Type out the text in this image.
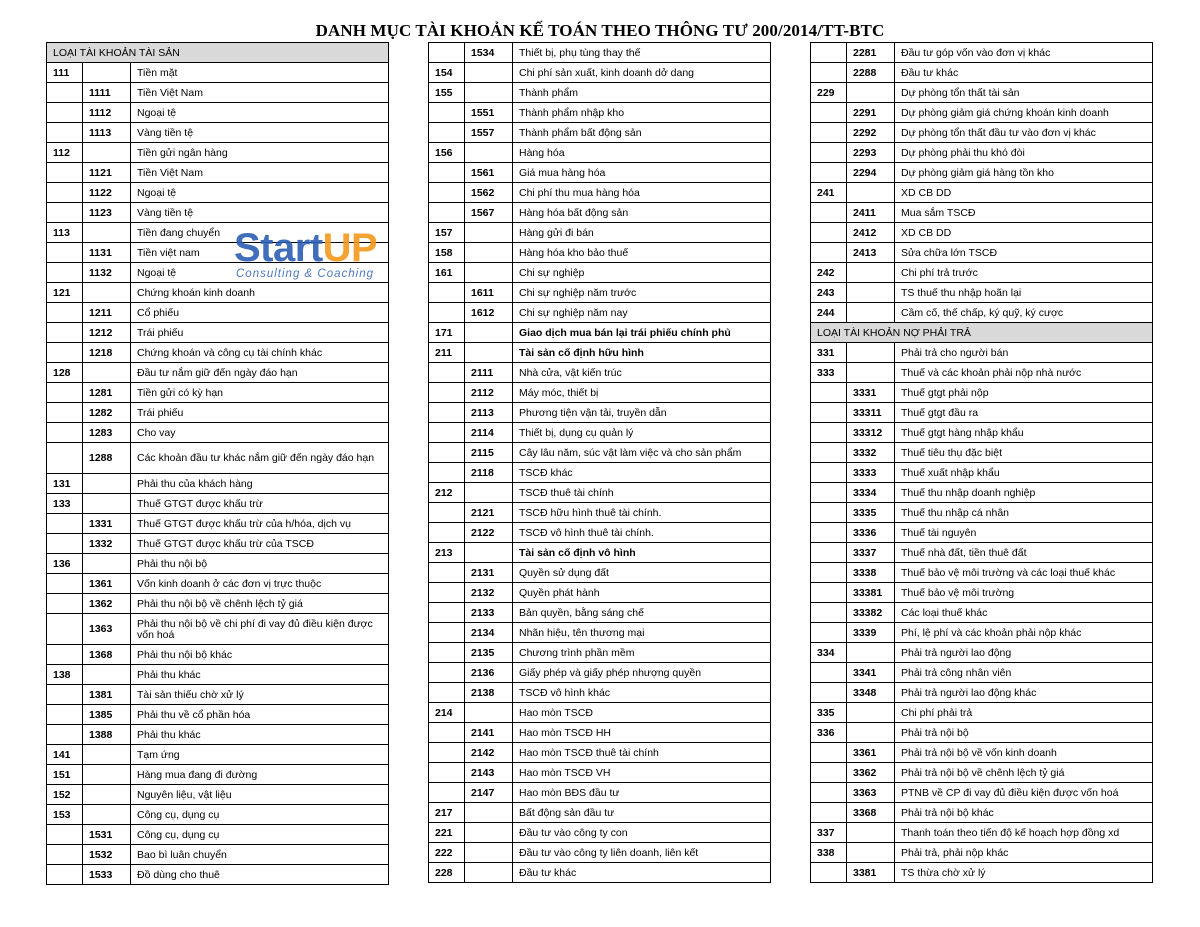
DANH MỤC TÀI KHOẢN KẾ TOÁN THEO THÔNG TƯ 200/2014/TT-BTC
LOẠI TÀI KHOẢN TÀI SẢN		
111		Tiền mặt
	1111	Tiền Việt Nam
	1112	Ngoại tệ
	1113	Vàng tiền tệ
112		Tiền gửi ngân hàng
	1121	Tiền Việt Nam
	1122	Ngoại tệ
	1123	Vàng tiền tệ
113		Tiền đang chuyển
	1131	Tiền việt nam
	1132	Ngoại tệ
121		Chứng khoán kinh doanh
	1211	Cổ phiếu
	1212	Trái phiếu
	1218	Chứng khoán và công cụ tài chính khác
128		Đầu tư nắm giữ đến ngày đáo hạn
	1281	Tiền gửi có kỳ hạn
	1282	Trái phiếu
	1283	Cho vay
	1288	Các khoản đầu tư khác nắm giữ đến ngày đáo hạn
131		Phải thu của khách hàng
133		Thuế GTGT được khấu trừ
	1331	Thuế GTGT được khấu trừ của h/hóa, dịch vụ
	1332	Thuế GTGT được khấu trừ của TSCĐ
136		Phải thu nội bộ
	1361	Vốn kinh doanh ở các đơn vị trực thuộc
	1362	Phải thu nội bộ về chênh lệch tỷ giá
	1363	Phải thu nội bộ về chi phí đi vay đủ điều kiện được vốn hoá
	1368	Phải thu nội bộ khác
138		Phải thu khác
	1381	Tài sản thiếu chờ xử lý
	1385	Phải thu về cổ phần hóa
	1388	Phải thu khác
141		Tạm ứng
151		Hàng mua đang đi đường
152		Nguyên liệu, vật liệu
153		Công cụ, dụng cụ
	1531	Công cụ, dụng cụ
	1532	Bao bì luân chuyển
	1533	Đồ dùng cho thuê
	1534	Thiết bị, phụ tùng thay thế
154		Chi phí sản xuất, kinh doanh dở dang
155		Thành phẩm
	1551	Thành phẩm nhập kho
	1557	Thành phẩm bất động sản
156		Hàng hóa
	1561	Giá mua hàng hóa
	1562	Chi phí thu mua hàng hóa
	1567	Hàng hóa bất động sản
157		Hàng gửi đi bán
158		Hàng hóa kho bảo thuế
161		Chi sự nghiệp
	1611	Chi sự nghiệp năm trước
	1612	Chi sự nghiệp năm nay
171		Giao dịch mua bán lại trái phiếu chính phủ
211		Tài sản cố định hữu hình
	2111	Nhà cửa, vật kiến trúc
	2112	Máy móc, thiết bị
	2113	Phương tiện vận tải, truyền dẫn
	2114	Thiết bị, dụng cụ quản lý
	2115	Cây lâu năm, súc vật làm việc và cho sản phẩm
	2118	TSCĐ khác
212		TSCĐ thuê tài chính
	2121	TSCĐ hữu hình thuê tài chính.
	2122	TSCĐ vô hình thuê tài chính.
213		Tài sản cố định vô hình
	2131	Quyền sử dụng đất
	2132	Quyền phát hành
	2133	Bản quyền, bằng sáng chế
	2134	Nhãn hiệu, tên thương mại
	2135	Chương trình phần mềm
	2136	Giấy phép và giấy phép nhượng quyền
	2138	TSCĐ vô hình khác
214		Hao mòn TSCĐ
	2141	Hao mòn TSCĐ HH
	2142	Hao mòn TSCĐ thuê tài chính
	2143	Hao mòn TSCĐ VH
	2147	Hao mòn BĐS đầu tư
217		Bất động sản đầu tư
221		Đầu tư vào công ty con
222		Đầu tư vào công ty liên doanh, liên kết
228		Đầu tư khác
	2281	Đầu tư góp vốn vào đơn vị khác
	2288	Đầu tư khác
229		Dự phòng tổn thất tài sản
	2291	Dự phòng giảm giá chứng khoán kinh doanh
	2292	Dự phòng tổn thất đầu tư vào đơn vị khác
	2293	Dự phòng phải thu khó đòi
	2294	Dự phòng giảm giá hàng tồn kho
241		XD CB DD
	2411	Mua sắm TSCĐ
	2412	XD CB DD
	2413	Sửa chữa lớn TSCĐ
242		Chi phí trả trước
243		TS thuế thu nhập hoãn lại
244		Cầm cố, thế chấp, ký quỹ, ký cược
LOẠI TÀI KHOẢN NỢ PHẢI TRẢ		
331		Phải trả cho người bán
333		Thuế và các khoản phải nộp nhà nước
	3331	Thuế gtgt phải nộp
	33311	Thuế gtgt đầu ra
	33312	Thuế gtgt hàng nhập khẩu
	3332	Thuế tiêu thụ đặc biệt
	3333	Thuế xuất nhập khẩu
	3334	Thuế thu nhập doanh nghiệp
	3335	Thuế thu nhập cá nhân
	3336	Thuế tài nguyên
	3337	Thuế nhà đất, tiền thuê đất
	3338	Thuế bảo vệ môi trường và các loại thuế khác
	33381	Thuế bảo vệ môi trường
	33382	Các loại thuế khác
	3339	Phí, lệ phí và các khoản phải nộp khác
334		Phải trả người lao động
	3341	Phải trả công nhân viên
	3348	Phải trả người lao động khác
335		Chi phí phải trả
336		Phải trả nội bộ
	3361	Phải trả nội bộ về vốn kinh doanh
	3362	Phải trả nội bộ về chênh lệch tỷ giá
	3363	PTNB về CP đi vay đủ điều kiện được vốn hoá
	3368	Phải trả nội bộ khác
337		Thanh toán theo tiến độ kế hoạch hợp đồng xd
338		Phải trả, phải nộp khác
	3381	TS thừa chờ xử lý
StartUP
Consulting & Coaching
